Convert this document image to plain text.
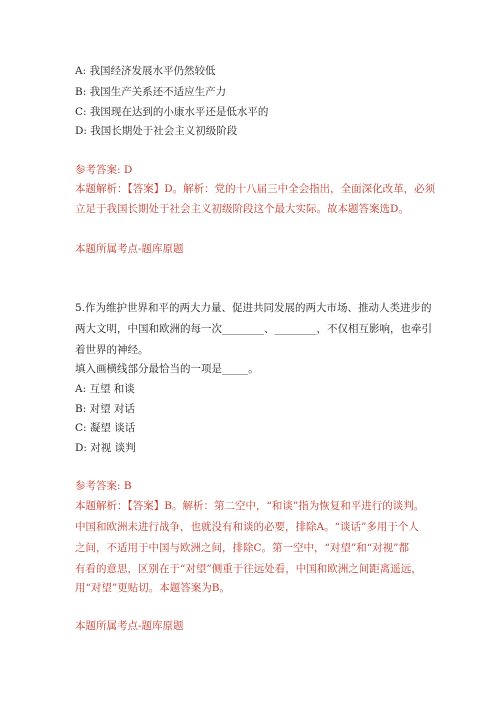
A: 我国经济发展水平仍然较低
B: 我国生产关系还不适应生产力
C: 我国现在达到的小康水平还是低水平的
D: 我国长期处于社会主义初级阶段
参考答案: D
本题解析：【答案】D。解析：党的十八届三中全会指出，全面深化改革，必须
立足于我国长期处于社会主义初级阶段这个最大实际。故本题答案选D。
本题所属考点-题库原题
5.作为维护世界和平的两大力量、促进共同发展的两大市场、推动人类进步的
两大文明，中国和欧洲的每一次________、________，不仅相互影响，也牵引
着世界的神经。
填入画横线部分最恰当的一项是_____。
A: 互望 和谈
B: 对望 对话
C: 凝望 谈话
D: 对视 谈判
参考答案: B
本题解析：【答案】B。解析：第二空中，“和谈”指为恢复和平进行的谈判。
中国和欧洲未进行战争，也就没有和谈的必要，排除A。“谈话”多用于个人
之间，不适用于中国与欧洲之间，排除C。第一空中，“对望”和“对视”都
有看的意思，区别在于“对望”侧重于往远处看，中国和欧洲之间距离遥远，
用“对望”更贴切。本题答案为B。
本题所属考点-题库原题
